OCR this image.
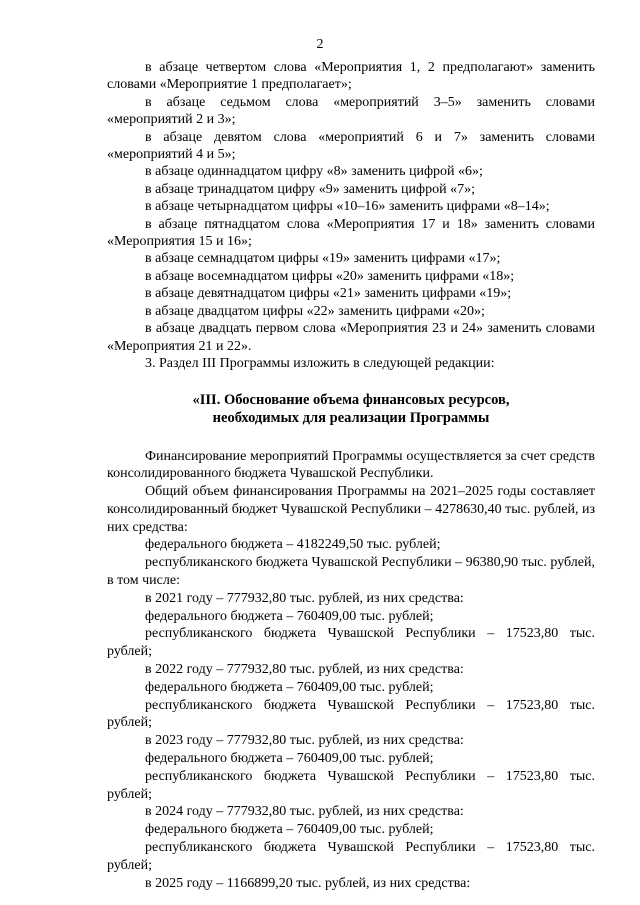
2

в абзаце четвертом слова «Мероприятия 1, 2 предполагают» заменить словами «Мероприятие 1 предполагает»;

в абзаце седьмом слова «мероприятий 3–5» заменить словами «мероприятий 2 и 3»;

в абзаце девятом слова «мероприятий 6 и 7» заменить словами «мероприятий 4 и 5»;

в абзаце одиннадцатом цифру «8» заменить цифрой «6»;

в абзаце тринадцатом цифру «9» заменить цифрой «7»;

в абзаце четырнадцатом цифры «10–16» заменить цифрами «8–14»;

в абзаце пятнадцатом слова «Мероприятия 17 и 18» заменить словами «Мероприятия 15 и 16»;

в абзаце семнадцатом цифры «19» заменить цифрами «17»;

в абзаце восемнадцатом цифры «20» заменить цифрами «18»;

в абзаце девятнадцатом цифры «21» заменить цифрами «19»;

в абзаце двадцатом цифры «22» заменить цифрами «20»;

в абзаце двадцать первом слова «Мероприятия 23 и 24» заменить словами «Мероприятия 21 и 22».

3. Раздел III Программы изложить в следующей редакции:

«III. Обоснование объема финансовых ресурсов,
необходимых для реализации Программы

Финансирование мероприятий Программы осуществляется за счет средств консолидированного бюджета Чувашской Республики.

Общий объем финансирования Программы на 2021–2025 годы составляет консолидированный бюджет Чувашской Республики – 4278630,40 тыс. рублей, из них средства:

федерального бюджета – 4182249,50 тыс. рублей;

республиканского бюджета Чувашской Республики – 96380,90 тыс. рублей, в том числе:

в 2021 году – 777932,80 тыс. рублей, из них средства:

федерального бюджета – 760409,00 тыс. рублей;

республиканского бюджета Чувашской Республики – 17523,80 тыс. рублей;

в 2022 году – 777932,80 тыс. рублей, из них средства:

федерального бюджета – 760409,00 тыс. рублей;

республиканского бюджета Чувашской Республики – 17523,80 тыс. рублей;

в 2023 году – 777932,80 тыс. рублей, из них средства:

федерального бюджета – 760409,00 тыс. рублей;

республиканского бюджета Чувашской Республики – 17523,80 тыс. рублей;

в 2024 году – 777932,80 тыс. рублей, из них средства:

федерального бюджета – 760409,00 тыс. рублей;

республиканского бюджета Чувашской Республики – 17523,80 тыс. рублей;

в 2025 году – 1166899,20 тыс. рублей, из них средства:
